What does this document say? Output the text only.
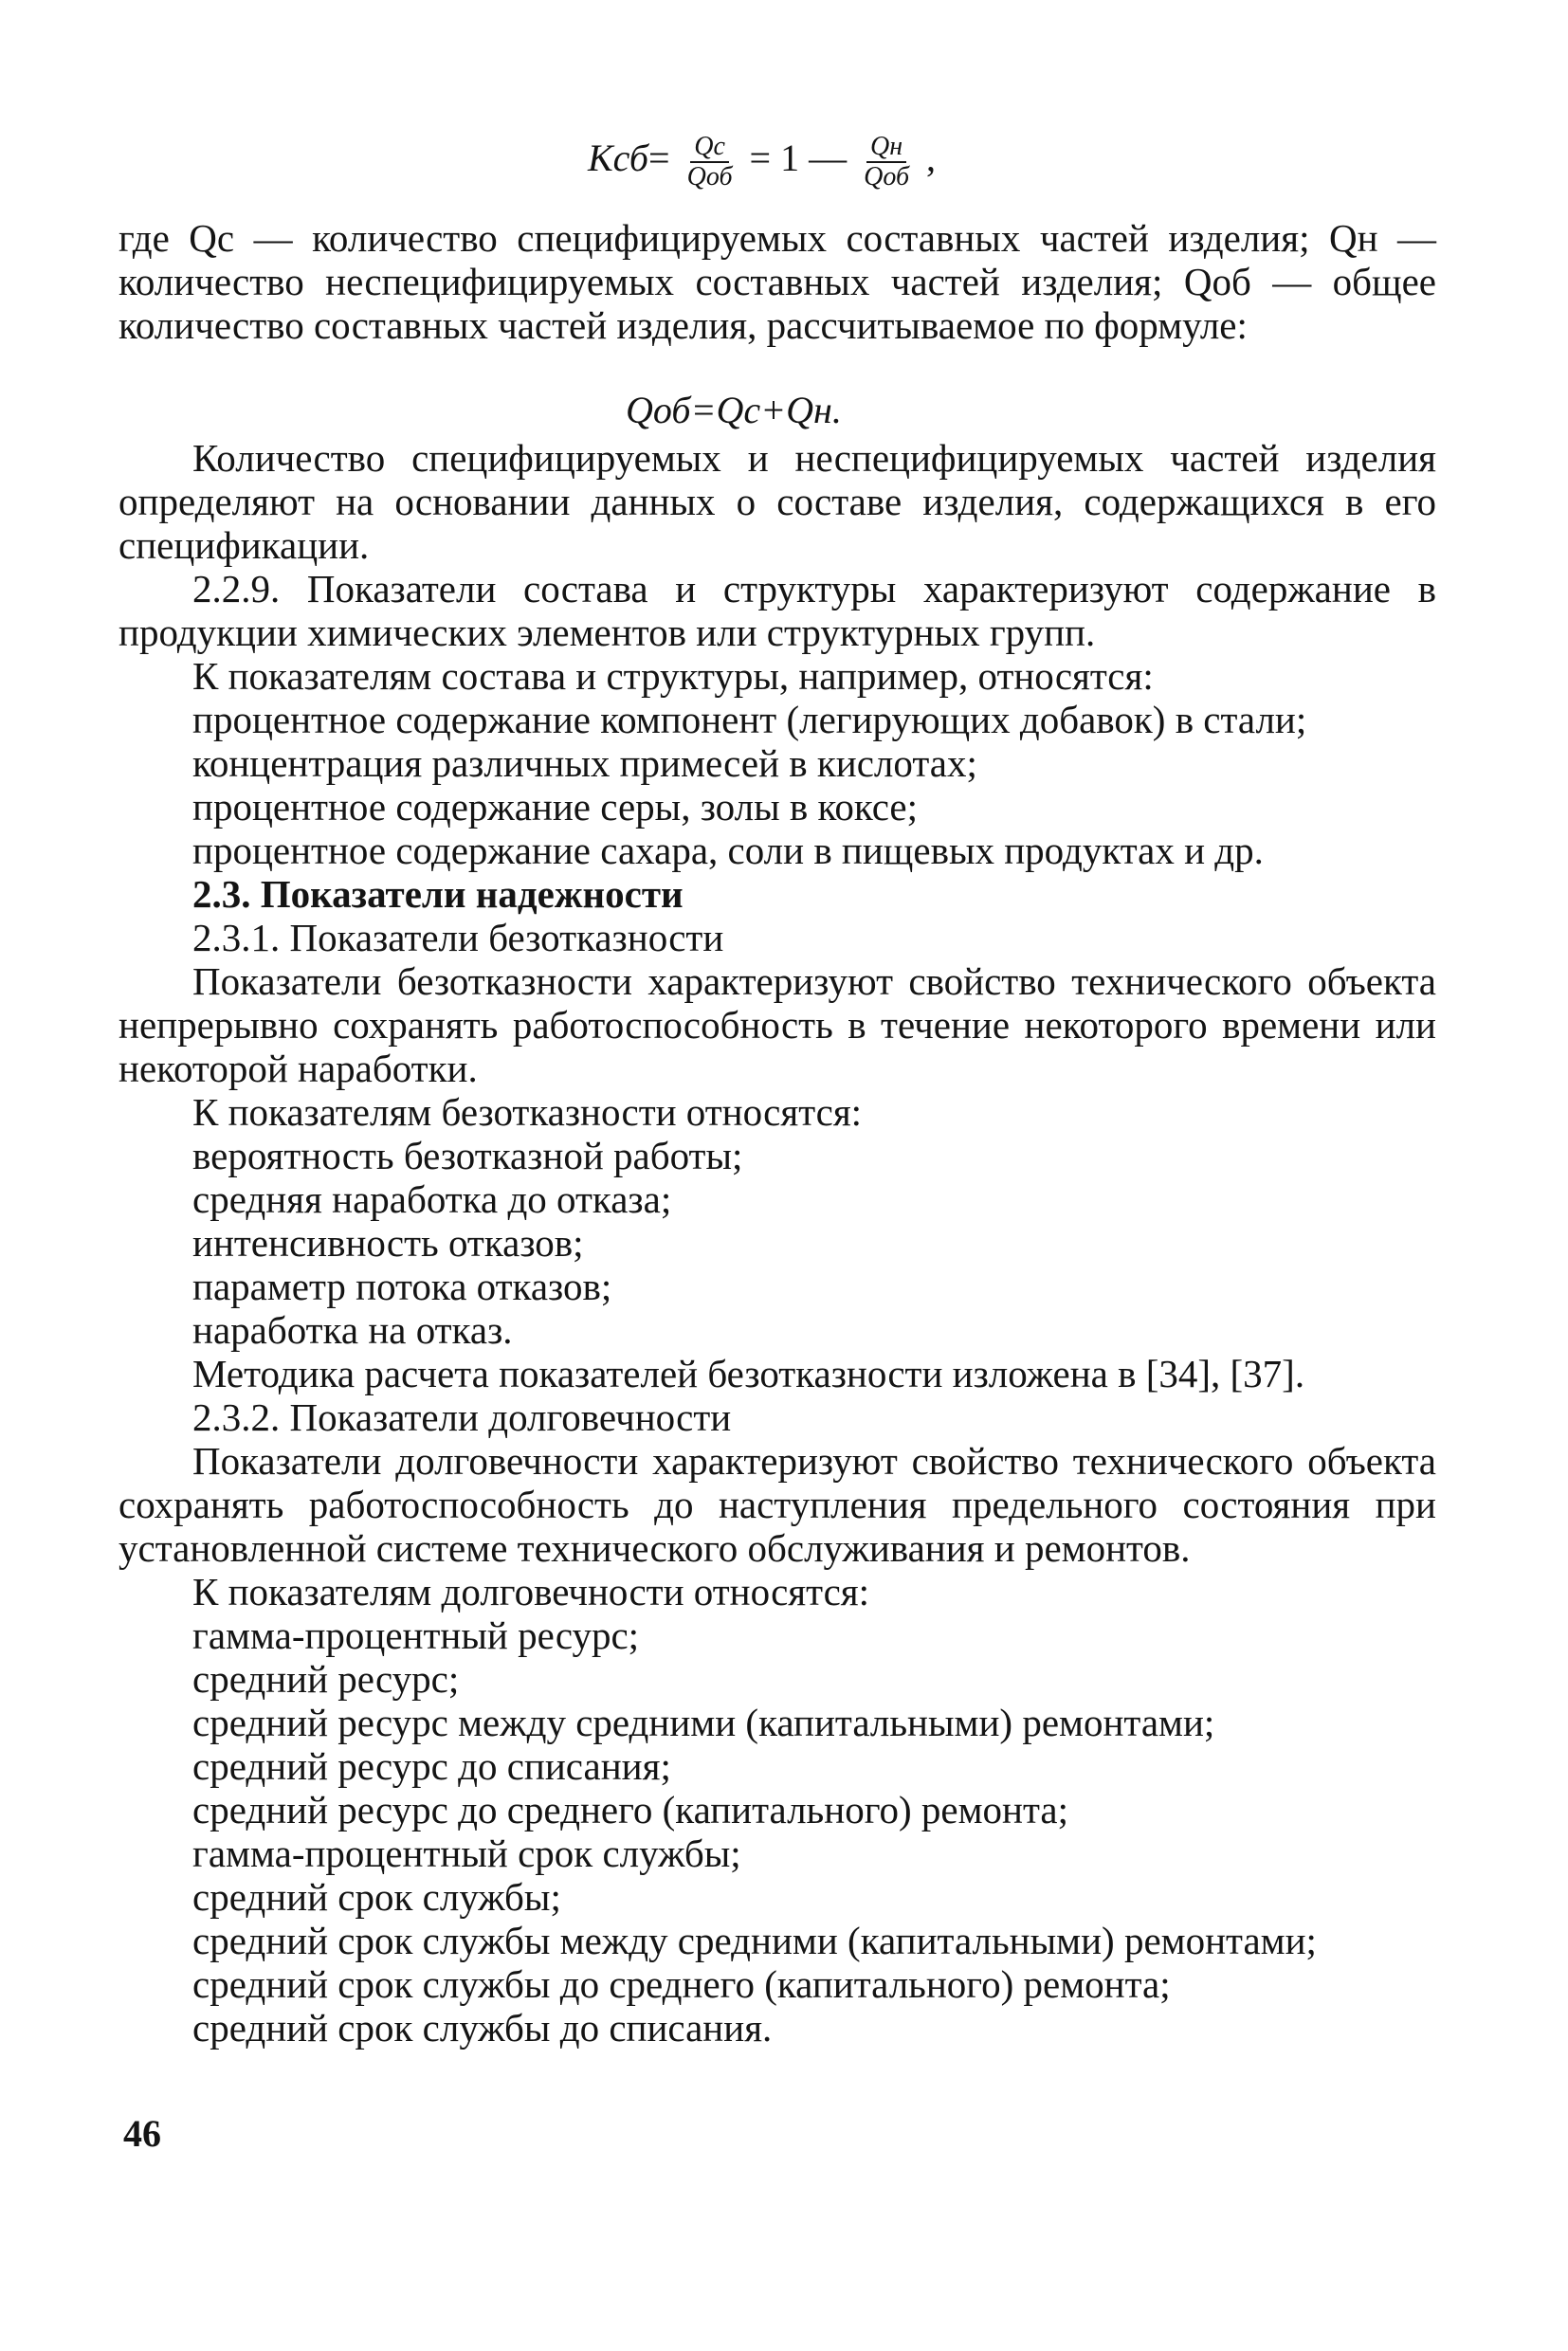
$Kсб= \frac{Qс}{\text{Qоб}} = 1$ — $\frac{Qн}{\text{Qоб}}$ ,

где Qс — количество специфицируемых составных частей изделия; Qн — количество неспецифицируемых составных частей изделия; Qоб — общее количество составных частей изделия, рассчитываемое по формуле:

Qоб=Qс+Qн.

Количество специфицируемых и неспецифицируемых частей изделия определяют на основании данных о составе изделия, содержащихся в его спецификации.

2.2.9. Показатели состава и структуры характеризуют содержание в продукции химических элементов или структурных групп.

К показателям состава и структуры, например, относятся:

процентное содержание компонент (легирующих добавок) в стали;

концентрация различных примесей в кислотах;

процентное содержание серы, золы в коксе;

процентное содержание сахара, соли в пищевых продуктах и др.

2.3. Показатели надежности

2.3.1. Показатели безотказности

Показатели безотказности характеризуют свойство технического объекта непрерывно сохранять работоспособность в течение некоторого времени или некоторой наработки.

К показателям безотказности относятся:

вероятность безотказной работы;

средняя наработка до отказа;

интенсивность отказов;

параметр потока отказов;

наработка на отказ.

Методика расчета показателей безотказности изложена в [34], [37].

2.3.2. Показатели долговечности

Показатели долговечности характеризуют свойство технического объекта сохранять работоспособность до наступления предельного состояния при установленной системе технического обслуживания и ремонтов.

К показателям долговечности относятся:

гамма-процентный ресурс;

средний ресурс;

средний ресурс между средними (капитальными) ремонтами;

средний ресурс до списания;

средний ресурс до среднего (капитального) ремонта;

гамма-процентный срок службы;

средний срок службы;

средний срок службы между средними (капитальными) ремонтами;

средний срок службы до среднего (капитального) ремонта;

средний срок службы до списания.

46
